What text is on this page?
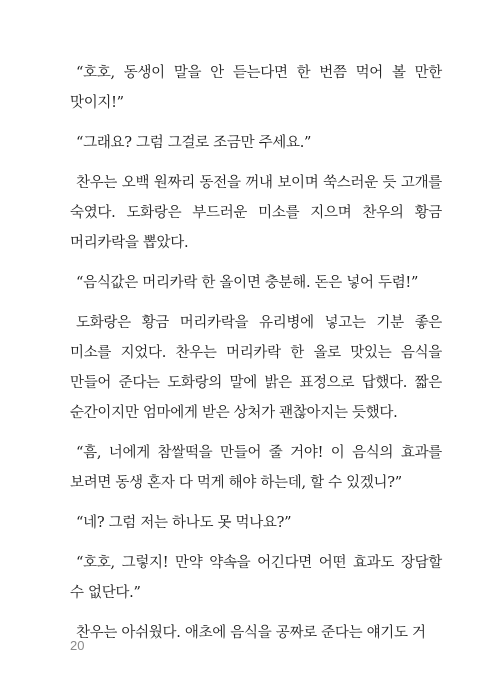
“호호, 동생이 말을 안 듣는다면 한 번쯤 먹어 볼 만한 맛이지!”

“그래요? 그럼 그걸로 조금만 주세요.”

찬우는 오백 원짜리 동전을 꺼내 보이며 쑥스러운 듯 고개를 숙였다. 도화랑은 부드러운 미소를 지으며 찬우의 황금 머리카락을 뽑았다.

“음식값은 머리카락 한 올이면 충분해. 돈은 넣어 두렴!”

도화랑은 황금 머리카락을 유리병에 넣고는 기분 좋은 미소를 지었다. 찬우는 머리카락 한 올로 맛있는 음식을 만들어 준다는 도화랑의 말에 밝은 표정으로 답했다. 짧은 순간이지만 엄마에게 받은 상처가 괜찮아지는 듯했다.

“흠, 너에게 참쌀떡을 만들어 줄 거야! 이 음식의 효과를 보려면 동생 혼자 다 먹게 해야 하는데, 할 수 있겠니?”

“네? 그럼 저는 하나도 못 먹나요?”

“호호, 그렇지! 만약 약속을 어긴다면 어떤 효과도 장담할 수 없단다.”

찬우는 아쉬웠다. 애초에 음식을 공짜로 준다는 얘기도 거

20
